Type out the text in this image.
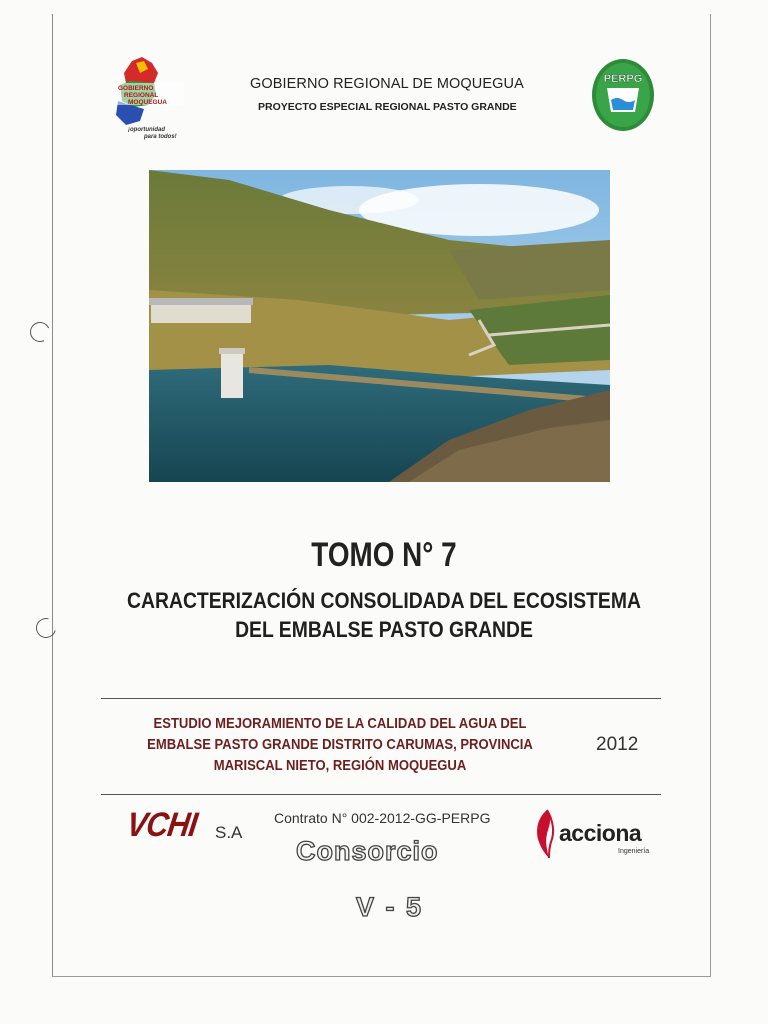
GOBIERNO
REGIONAL
MOQUEGUA
¡oportunidad
para todos!
GOBIERNO REGIONAL DE MOQUEGUA
PROYECTO ESPECIAL REGIONAL PASTO GRANDE
PERPG
TOMO N° 7
CARACTERIZACIÓN CONSOLIDADA DEL ECOSISTEMA
DEL EMBALSE PASTO GRANDE
ESTUDIO MEJORAMIENTO DE LA CALIDAD DEL AGUA DEL
EMBALSE PASTO GRANDE DISTRITO CARUMAS, PROVINCIA
MARISCAL NIETO, REGIÓN MOQUEGUA
2012
VCHI S.A
Contrato N° 002-2012-GG-PERPG
Consorcio
acciona
Ingeniería
V - 5
